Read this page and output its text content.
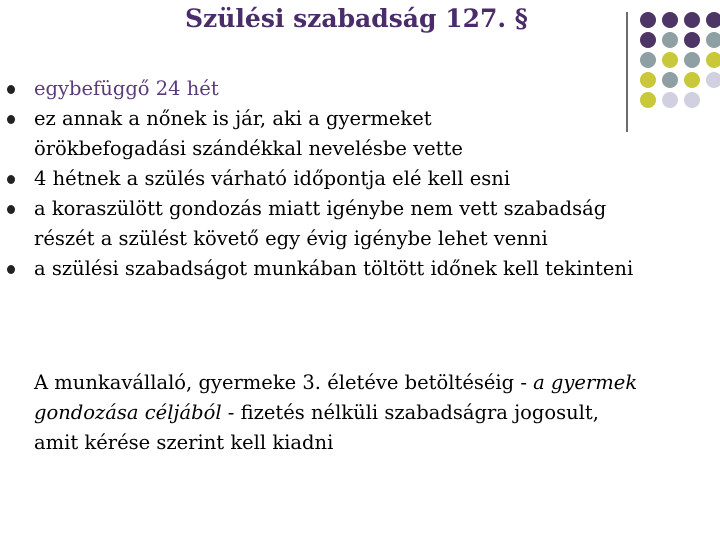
Szülési szabadság 127. §
egybefüggő 24 hét
ez annak a nőnek is jár, aki a gyermeket
örökbefogadási szándékkal nevelésbe vette
4 hétnek a szülés várható időpontja elé kell esni
a koraszülött gondozás miatt igénybe nem vett szabadság
részét a szülést követő egy évig igénybe lehet venni
a szülési szabadságot munkában töltött időnek kell tekinteni
A munkavállaló, gyermeke 3. életéve betöltéséig - a gyermek
gondozása céljából - fizetés nélküli szabadságra jogosult,
amit kérése szerint kell kiadni
